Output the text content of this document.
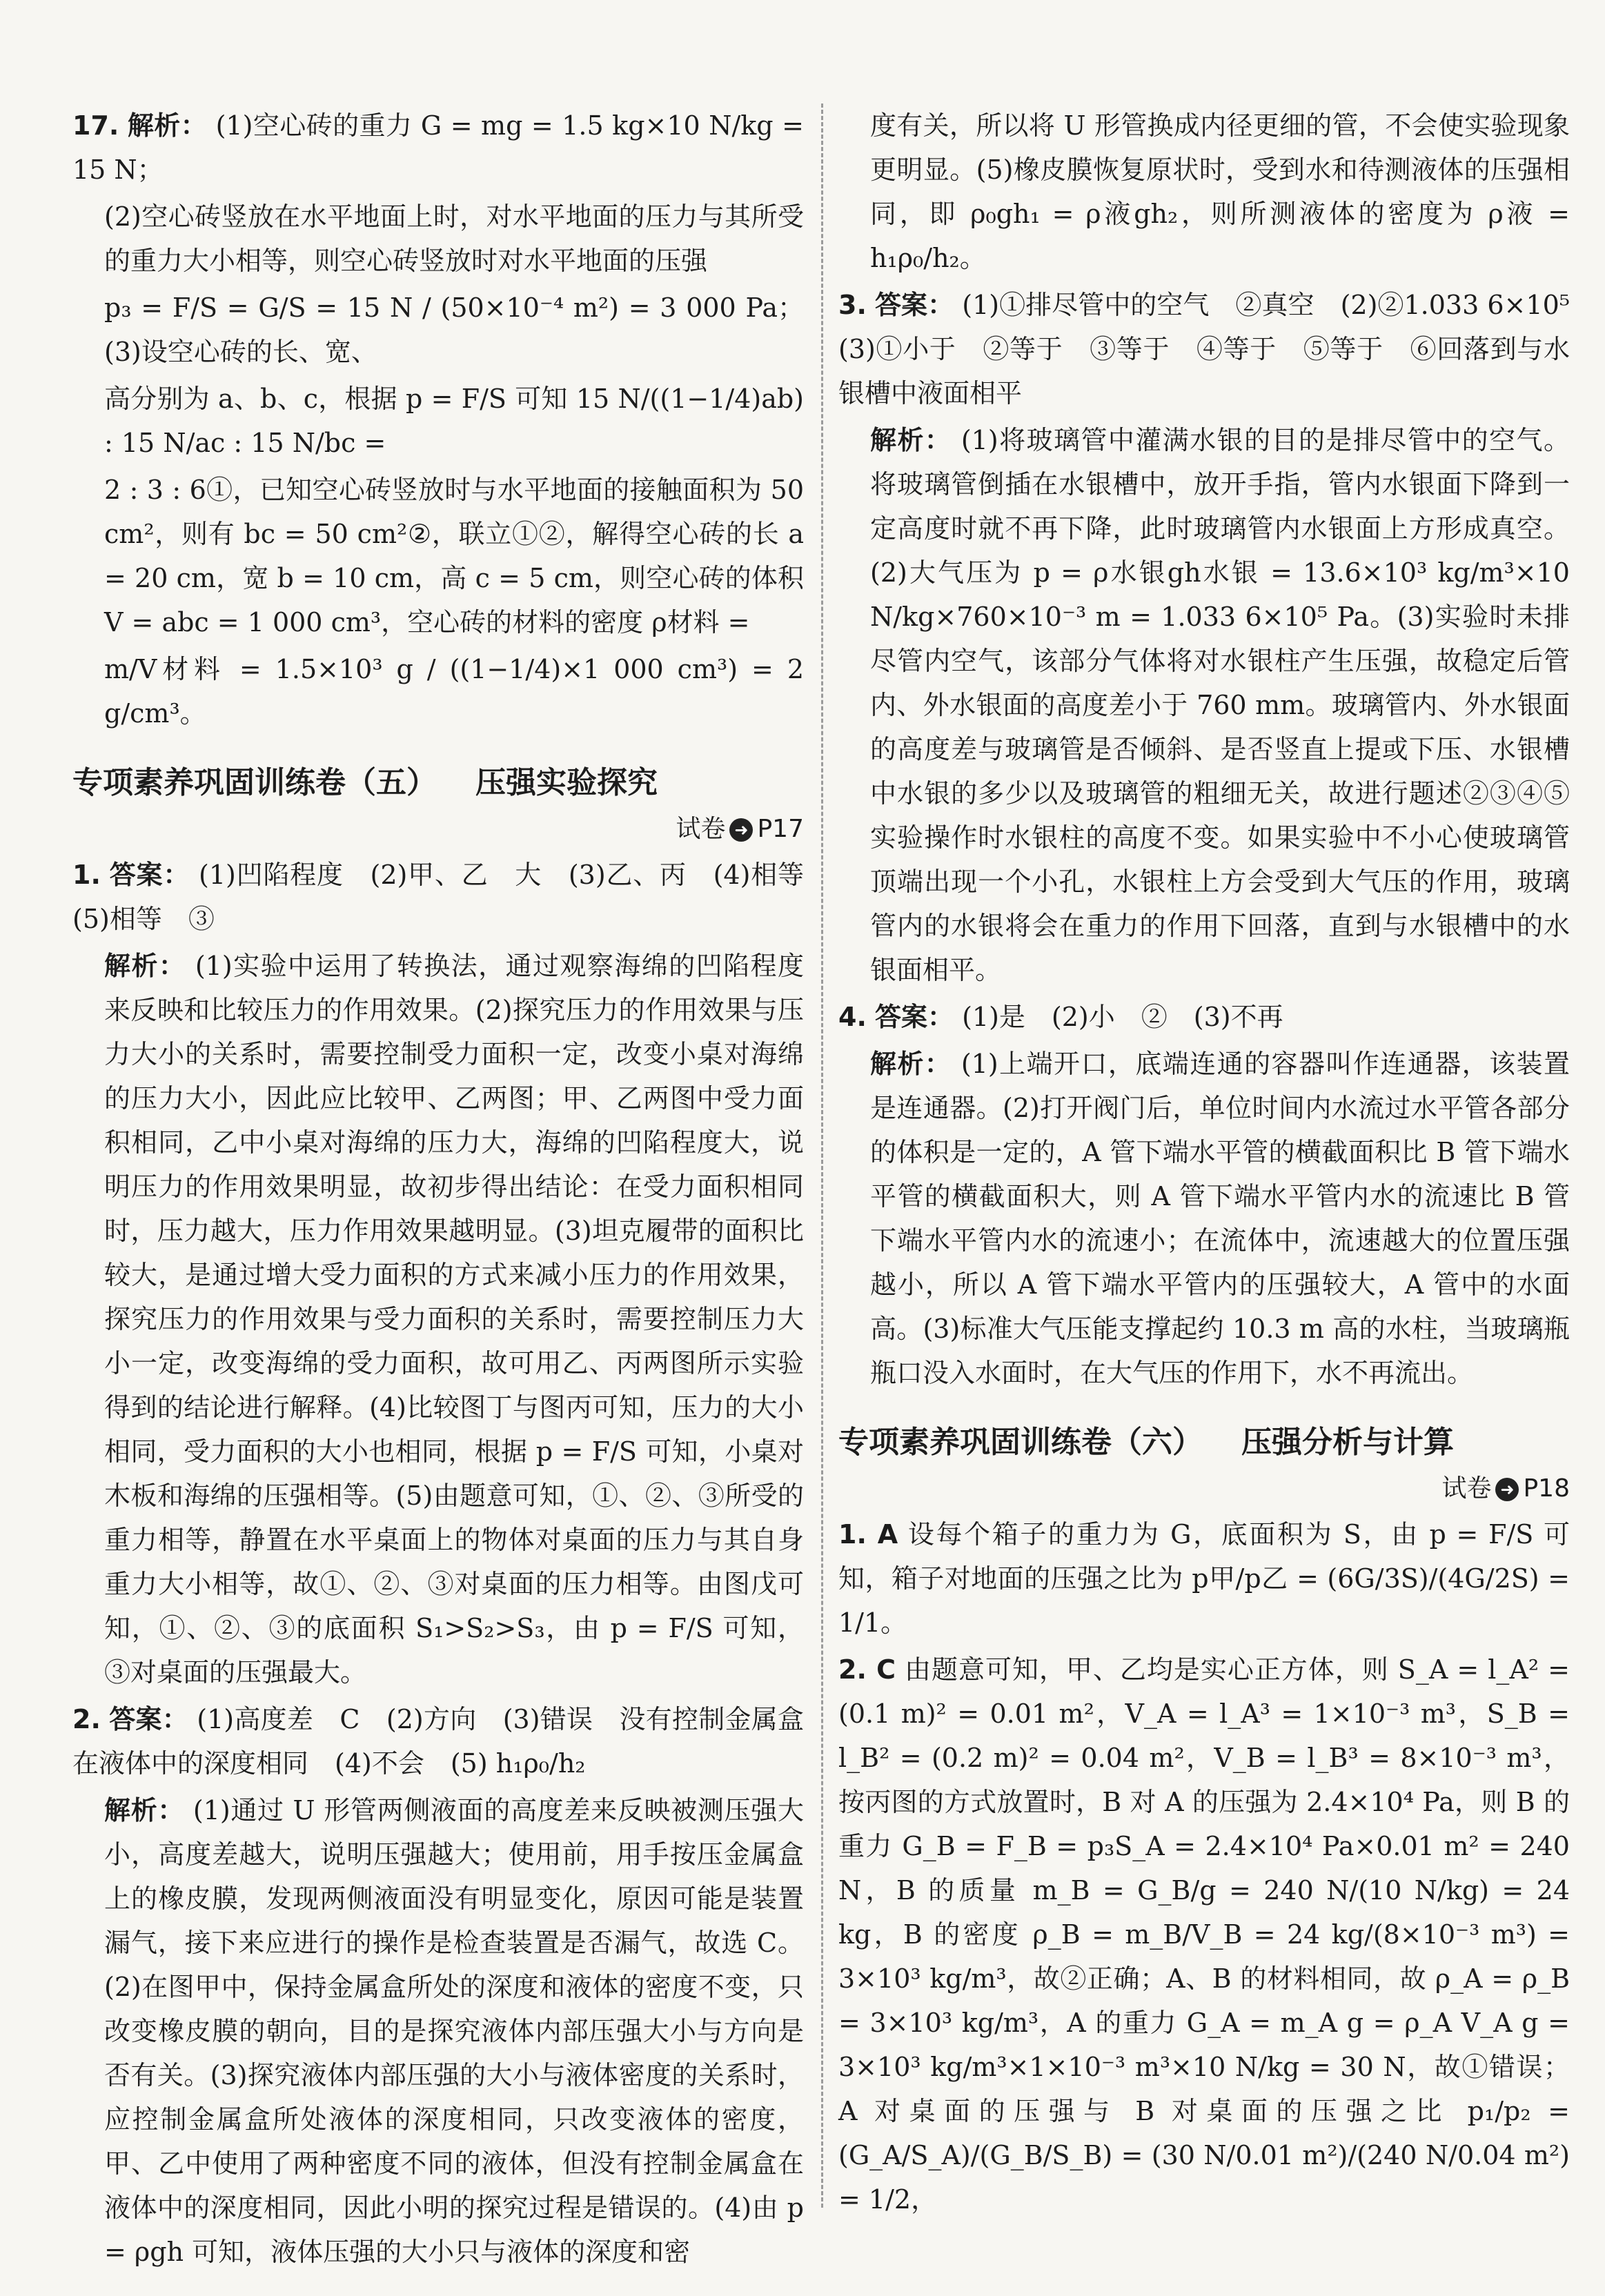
17. 解析： (1)空心砖的重力 G = mg = 1.5 kg×10 N/kg = 15 N；

(2)空心砖竖放在水平地面上时，对水平地面的压力与其所受的重力大小相等，则空心砖竖放时对水平地面的压强

p₃ = F/S = G/S = 15 N / (50×10⁻⁴ m²) = 3 000 Pa；(3)设空心砖的长、宽、

高分别为 a、b、c，根据 p = F/S 可知 15 N/((1−1/4)ab) : 15 N/ac : 15 N/bc =

2 : 3 : 6①，已知空心砖竖放时与水平地面的接触面积为 50 cm²，则有 bc = 50 cm²②，联立①②，解得空心砖的长 a = 20 cm，宽 b = 10 cm，高 c = 5 cm，则空心砖的体积 V = abc = 1 000 cm³，空心砖的材料的密度 ρ材料 =

m/V材料 = 1.5×10³ g / ((1−1/4)×1 000 cm³) = 2 g/cm³。

专项素养巩固训练卷（五） 压强实验探究
试卷 ➜ P17

1. 答案： (1)凹陷程度　(2)甲、乙　大　(3)乙、丙　(4)相等　(5)相等　③

解析： (1)实验中运用了转换法，通过观察海绵的凹陷程度来反映和比较压力的作用效果。(2)探究压力的作用效果与压力大小的关系时，需要控制受力面积一定，改变小桌对海绵的压力大小，因此应比较甲、乙两图；甲、乙两图中受力面积相同，乙中小桌对海绵的压力大，海绵的凹陷程度大，说明压力的作用效果明显，故初步得出结论：在受力面积相同时，压力越大，压力作用效果越明显。(3)坦克履带的面积比较大，是通过增大受力面积的方式来减小压力的作用效果，探究压力的作用效果与受力面积的关系时，需要控制压力大小一定，改变海绵的受力面积，故可用乙、丙两图所示实验得到的结论进行解释。(4)比较图丁与图丙可知，压力的大小相同，受力面积的大小也相同，根据 p = F/S 可知，小桌对木板和海绵的压强相等。(5)由题意可知，①、②、③所受的重力相等，静置在水平桌面上的物体对桌面的压力与其自身重力大小相等，故①、②、③对桌面的压力相等。由图戊可知，①、②、③的底面积 S₁>S₂>S₃，由 p = F/S 可知，③对桌面的压强最大。

2. 答案： (1)高度差　C　(2)方向　(3)错误　没有控制金属盒在液体中的深度相同　(4)不会　(5) h₁ρ₀/h₂

解析： (1)通过 U 形管两侧液面的高度差来反映被测压强大小，高度差越大，说明压强越大；使用前，用手按压金属盒上的橡皮膜，发现两侧液面没有明显变化，原因可能是装置漏气，接下来应进行的操作是检查装置是否漏气，故选 C。(2)在图甲中，保持金属盒所处的深度和液体的密度不变，只改变橡皮膜的朝向，目的是探究液体内部压强大小与方向是否有关。(3)探究液体内部压强的大小与液体密度的关系时，应控制金属盒所处液体的深度相同，只改变液体的密度，甲、乙中使用了两种密度不同的液体，但没有控制金属盒在液体中的深度相同，因此小明的探究过程是错误的。(4)由 p = ρgh 可知，液体压强的大小只与液体的深度和密

度有关，所以将 U 形管换成内径更细的管，不会使实验现象更明显。(5)橡皮膜恢复原状时，受到水和待测液体的压强相同，即 ρ₀gh₁ = ρ液gh₂，则所测液体的密度为 ρ液 = h₁ρ₀/h₂。

3. 答案： (1)①排尽管中的空气　②真空　(2)②1.033 6×10⁵　(3)①小于　②等于　③等于　④等于　⑤等于　⑥回落到与水银槽中液面相平

解析： (1)将玻璃管中灌满水银的目的是排尽管中的空气。将玻璃管倒插在水银槽中，放开手指，管内水银面下降到一定高度时就不再下降，此时玻璃管内水银面上方形成真空。(2)大气压为 p = ρ水银gh水银 = 13.6×10³ kg/m³×10 N/kg×760×10⁻³ m = 1.033 6×10⁵ Pa。(3)实验时未排尽管内空气，该部分气体将对水银柱产生压强，故稳定后管内、外水银面的高度差小于 760 mm。玻璃管内、外水银面的高度差与玻璃管是否倾斜、是否竖直上提或下压、水银槽中水银的多少以及玻璃管的粗细无关，故进行题述②③④⑤实验操作时水银柱的高度不变。如果实验中不小心使玻璃管顶端出现一个小孔，水银柱上方会受到大气压的作用，玻璃管内的水银将会在重力的作用下回落，直到与水银槽中的水银面相平。

4. 答案： (1)是　(2)小　②　(3)不再

解析： (1)上端开口，底端连通的容器叫作连通器，该装置是连通器。(2)打开阀门后，单位时间内水流过水平管各部分的体积是一定的，A 管下端水平管的横截面积比 B 管下端水平管的横截面积大，则 A 管下端水平管内水的流速比 B 管下端水平管内水的流速小；在流体中，流速越大的位置压强越小，所以 A 管下端水平管内的压强较大，A 管中的水面高。(3)标准大气压能支撑起约 10.3 m 高的水柱，当玻璃瓶瓶口没入水面时，在大气压的作用下，水不再流出。

专项素养巩固训练卷（六） 压强分析与计算
试卷 ➜ P18

1. A 设每个箱子的重力为 G，底面积为 S，由 p = F/S 可知，箱子对地面的压强之比为 p甲/p乙 = (6G/3S)/(4G/2S) = 1/1。

2. C 由题意可知，甲、乙均是实心正方体，则 S_A = l_A² = (0.1 m)² = 0.01 m²，V_A = l_A³ = 1×10⁻³ m³，S_B = l_B² = (0.2 m)² = 0.04 m²，V_B = l_B³ = 8×10⁻³ m³，按丙图的方式放置时，B 对 A 的压强为 2.4×10⁴ Pa，则 B 的重力 G_B = F_B = p₃S_A = 2.4×10⁴ Pa×0.01 m² = 240 N，B 的质量 m_B = G_B/g = 240 N/(10 N/kg) = 24 kg，B 的密度 ρ_B = m_B/V_B = 24 kg/(8×10⁻³ m³) = 3×10³ kg/m³，故②正确；A、B 的材料相同，故 ρ_A = ρ_B = 3×10³ kg/m³，A 的重力 G_A = m_A g = ρ_A V_A g = 3×10³ kg/m³×1×10⁻³ m³×10 N/kg = 30 N，故①错误；A 对桌面的压强与 B 对桌面的压强之比 p₁/p₂ = (G_A/S_A)/(G_B/S_B) = (30 N/0.01 m²)/(240 N/0.04 m²) = 1/2，
